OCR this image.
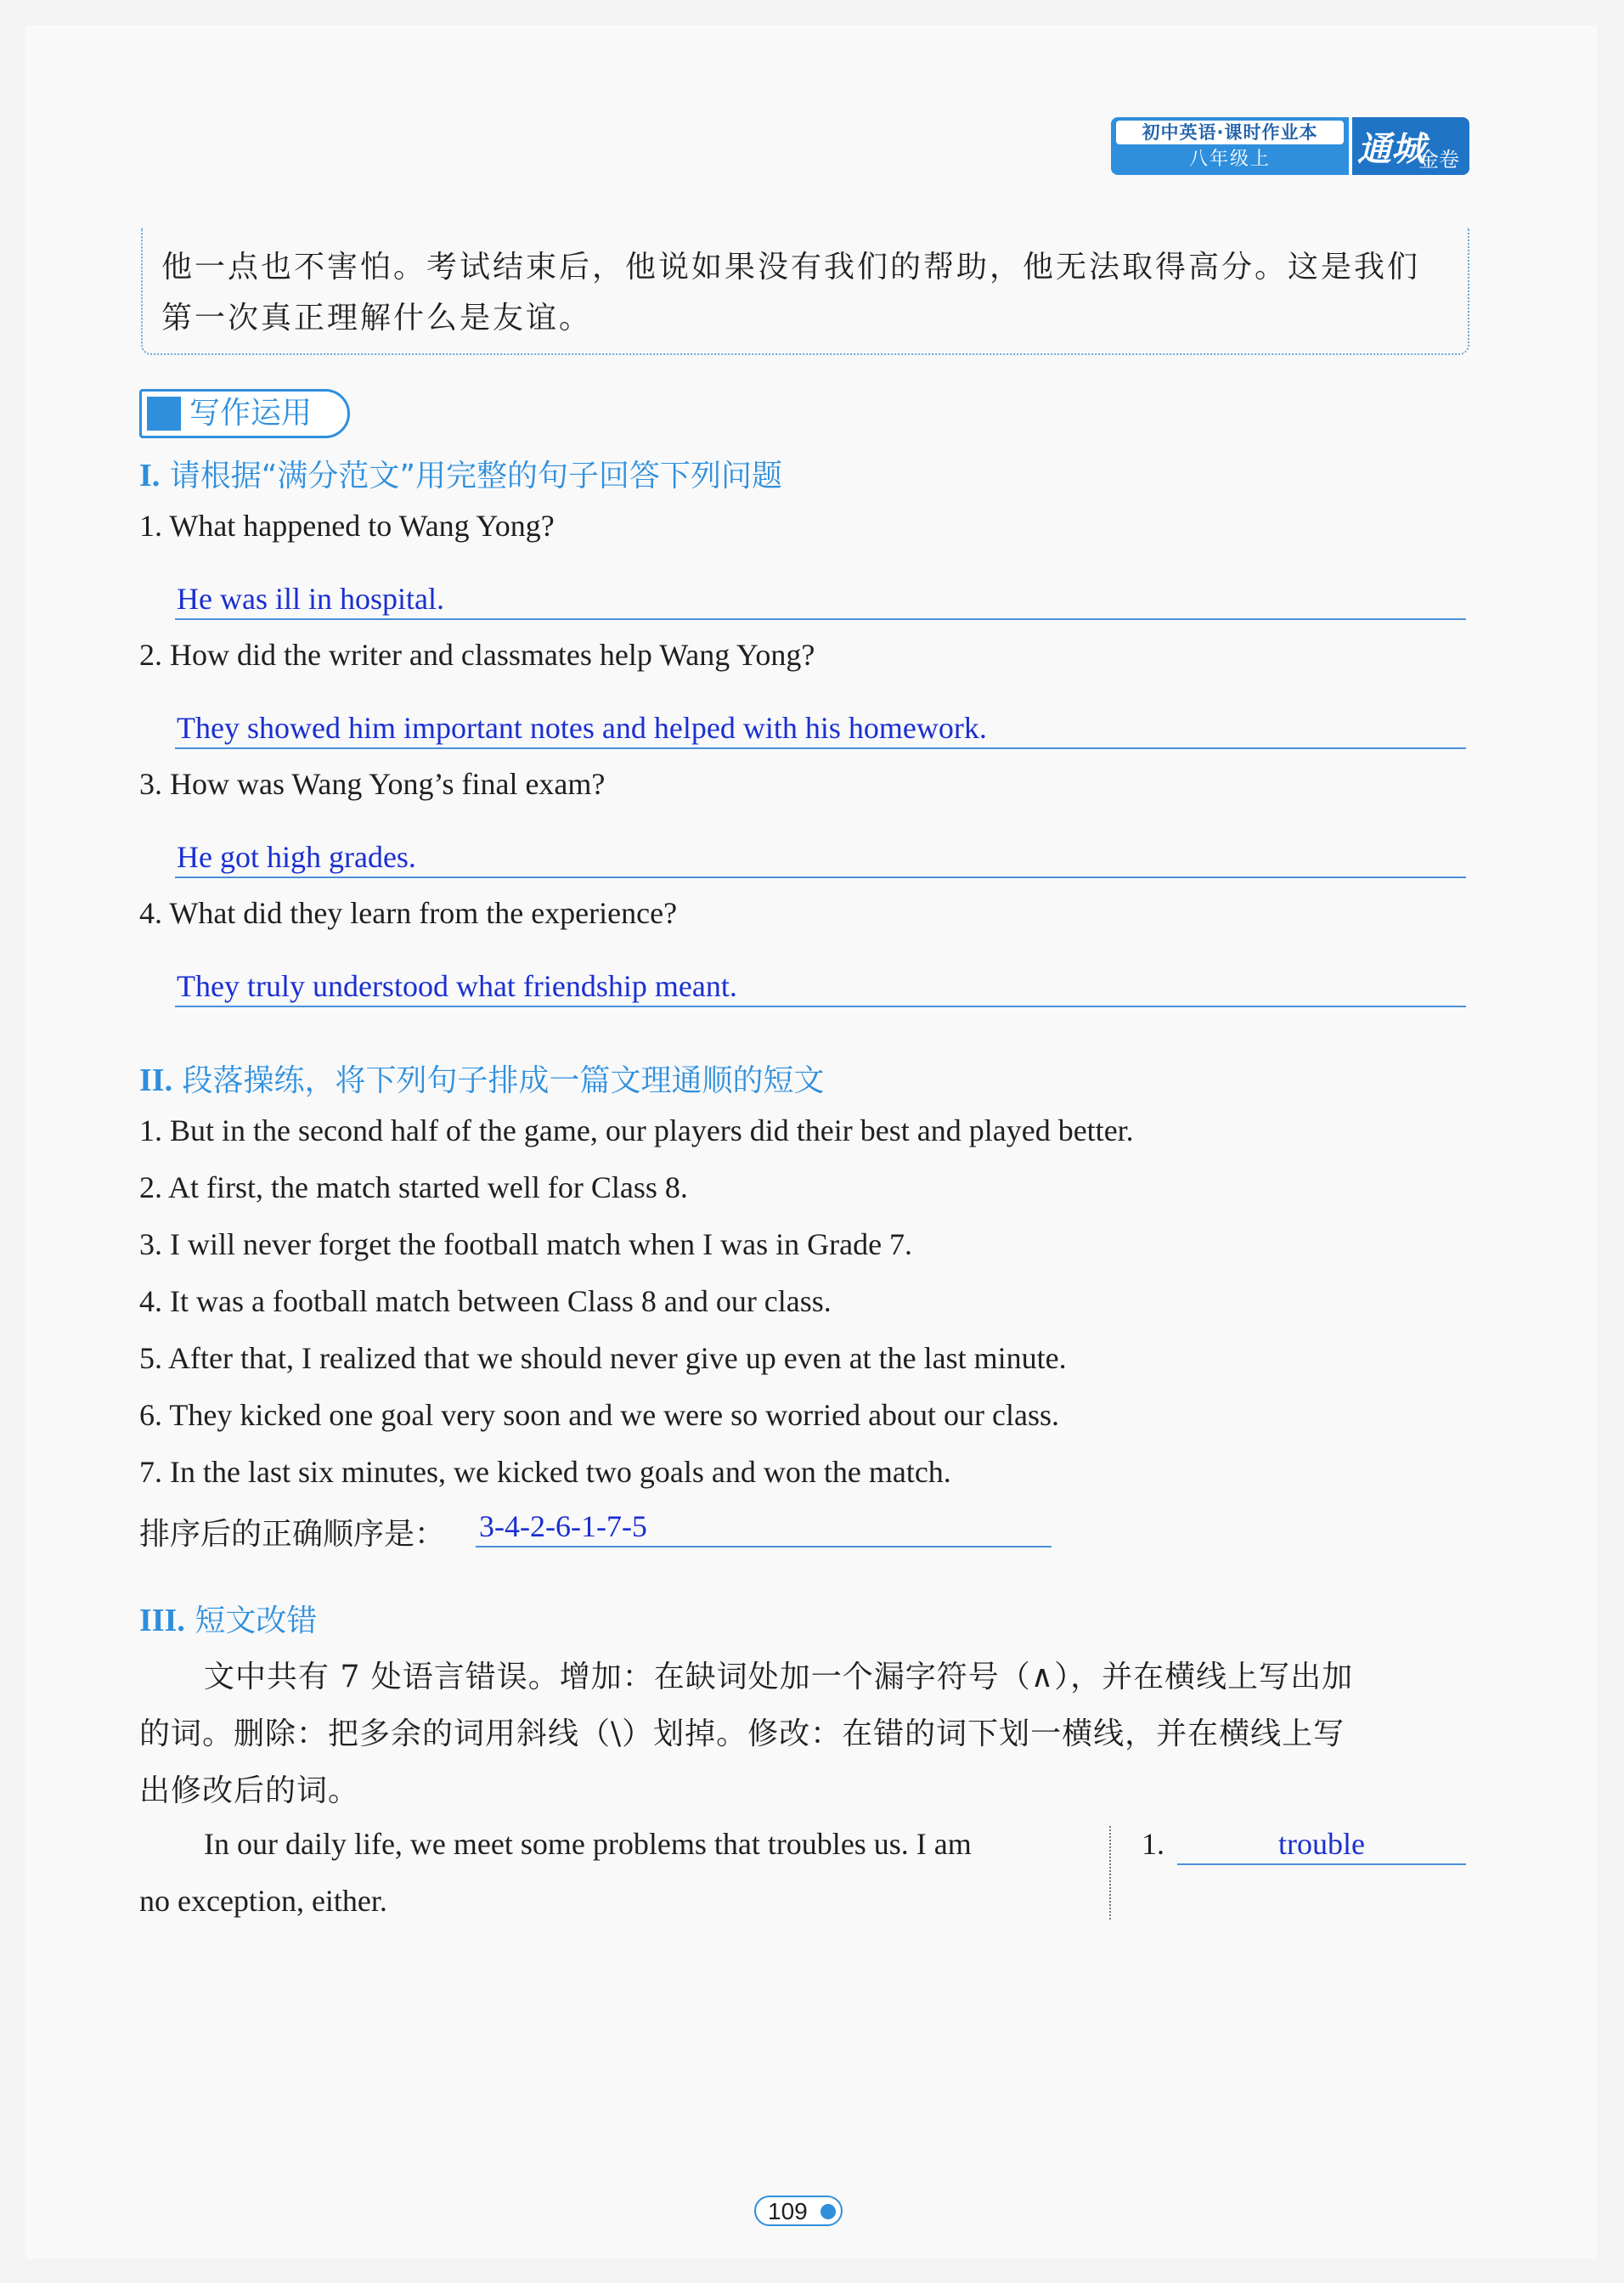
初中英语·课时作业本
八年级上	通城
金卷
他一点也不害怕。考试结束后，他说如果没有我们的帮助，他无法取得高分。这是我们
第一次真正理解什么是友谊。
写作运用
I. 请根据“满分范文”用完整的句子回答下列问题
1. What happened to Wang Yong?
He was ill in hospital.
2. How did the writer and classmates help Wang Yong?
They showed him important notes and helped with his homework.
3. How was Wang Yong’s final exam?
He got high grades.
4. What did they learn from the experience?
They truly understood what friendship meant.
II. 段落操练，将下列句子排成一篇文理通顺的短文
1. But in the second half of the game, our players did their best and played better.
2. At first, the match started well for Class 8.
3. I will never forget the football match when I was in Grade 7.
4. It was a football match between Class 8 and our class.
5. After that, I realized that we should never give up even at the last minute.
6. They kicked one goal very soon and we were so worried about our class.
7. In the last six minutes, we kicked two goals and won the match.
排序后的正确顺序是： 3-4-2-6-1-7-5
III. 短文改错
文中共有 7 处语言错误。增加：在缺词处加一个漏字符号（∧），并在横线上写出加
的词。删除：把多余的词用斜线（\）划掉。修改：在错的词下划一横线，并在横线上写
出修改后的词。
In our daily life, we meet some problems that troubles us. I am
no exception, either.
1.	trouble
109
